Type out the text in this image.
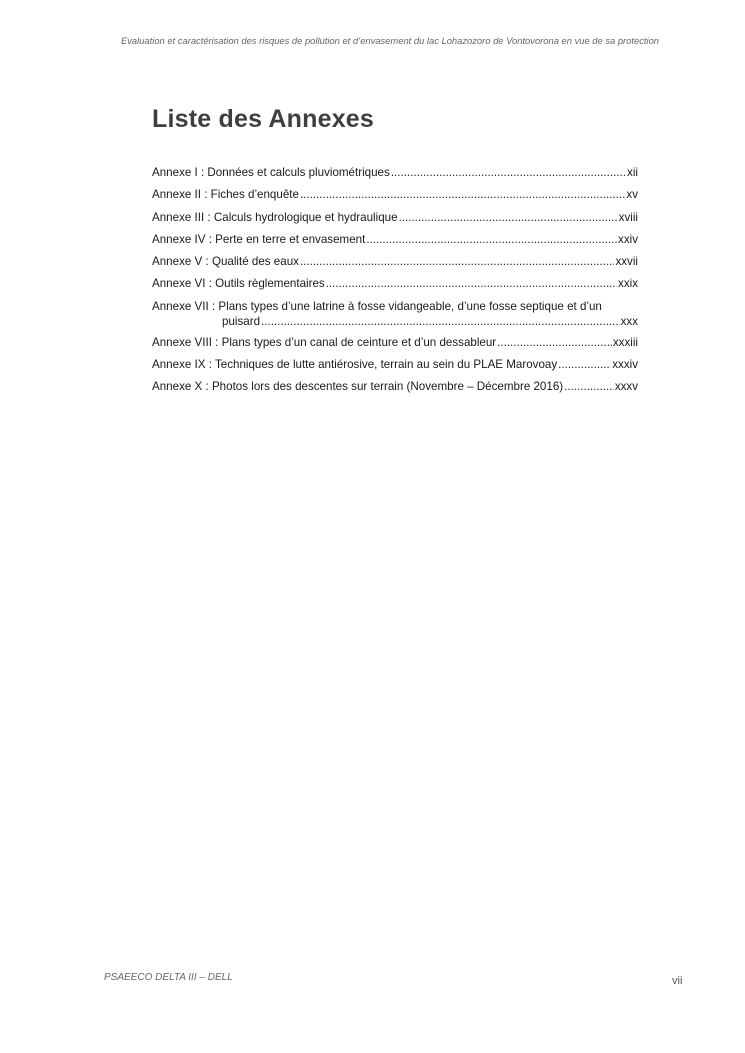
Evaluation et caractérisation des risques de pollution et d’envasement du lac Lohazozoro de Vontovorona en vue de sa protection
Liste des Annexes
Annexe I : Données et calculs pluviométriques .....	xii
Annexe II : Fiches d’enquête .....	xv
Annexe III : Calculs hydrologique et hydraulique .....	xviii
Annexe IV : Perte en terre et envasement .....	xxiv
Annexe V : Qualité des eaux .....	xxvii
Annexe VI : Outils règlementaires .....	xxix
Annexe VII : Plans types d’une latrine à fosse vidangeable, d’une fosse septique et d’un
puisard .....	xxx
Annexe VIII : Plans types d’un canal de ceinture et d’un dessableur .....	xxxiii
Annexe IX : Techniques de lutte antiérosive, terrain au sein du PLAE Marovoay .....	xxxiv
Annexe X : Photos lors des descentes sur terrain (Novembre – Décembre 2016) .....	xxxv
PSAEECO DELTA III – DELL	vii
